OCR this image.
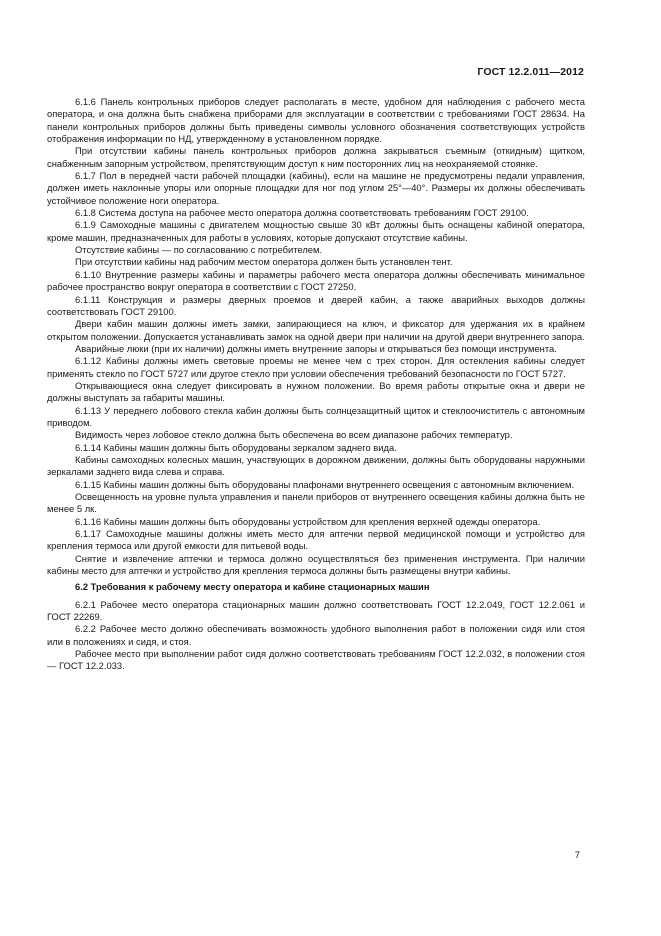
ГОСТ 12.2.011—2012

6.1.6 Панель контрольных приборов следует располагать в месте, удобном для наблюдения с рабочего места оператора, и она должна быть снабжена приборами для эксплуатации в соответствии с требованиями ГОСТ 28634. На панели контрольных приборов должны быть приведены символы условного обозначения соответствующих устройств отображения информации по НД, утвержденному в установленном порядке.

При отсутствии кабины панель контрольных приборов должна закрываться съемным (откидным) щитком, снабженным запорным устройством, препятствующим доступ к ним посторонних лиц на неохраняемой стоянке.

6.1.7 Пол в передней части рабочей площадки (кабины), если на машине не предусмотрены педали управления, должен иметь наклонные упоры или опорные площадки для ног под углом 25°—40°. Размеры их должны обеспечивать устойчивое положение ноги оператора.

6.1.8 Система доступа на рабочее место оператора должна соответствовать требованиям ГОСТ 29100.

6.1.9 Самоходные машины с двигателем мощностью свыше 30 кВт должны быть оснащены кабиной оператора, кроме машин, предназначенных для работы в условиях, которые допускают отсутствие кабины.

Отсутствие кабины — по согласованию с потребителем.

При отсутствии кабины над рабочим местом оператора должен быть установлен тент.

6.1.10 Внутренние размеры кабины и параметры рабочего места оператора должны обеспечивать минимальное рабочее пространство вокруг оператора в соответствии с ГОСТ 27250.

6.1.11 Конструкция и размеры дверных проемов и дверей кабин, а также аварийных выходов должны соответствовать ГОСТ 29100.

Двери кабин машин должны иметь замки, запирающиеся на ключ, и фиксатор для удержания их в крайнем открытом положении. Допускается устанавливать замок на одной двери при наличии на другой двери внутреннего запора.

Аварийные люки (при их наличии) должны иметь внутренние запоры и открываться без помощи инструмента.

6.1.12 Кабины должны иметь световые проемы не менее чем с трех сторон. Для остекления кабины следует применять стекло по ГОСТ 5727 или другое стекло при условии обеспечения требований безопасности по ГОСТ 5727.

Открывающиеся окна следует фиксировать в нужном положении. Во время работы открытые окна и двери не должны выступать за габариты машины.

6.1.13 У переднего лобового стекла кабин должны быть солнцезащитный щиток и стеклоочиститель с автономным приводом.

Видимость через лобовое стекло должна быть обеспечена во всем диапазоне рабочих температур.

6.1.14 Кабины машин должны быть оборудованы зеркалом заднего вида.

Кабины самоходных колесных машин, участвующих в дорожном движении, должны быть оборудованы наружными зеркалами заднего вида слева и справа.

6.1.15 Кабины машин должны быть оборудованы плафонами внутреннего освещения с автономным включением.

Освещенность на уровне пульта управления и панели приборов от внутреннего освещения кабины должна быть не менее 5 лк.

6.1.16 Кабины машин должны быть оборудованы устройством для крепления верхней одежды оператора.

6.1.17 Самоходные машины должны иметь место для аптечки первой медицинской помощи и устройство для крепления термоса или другой емкости для питьевой воды.

Снятие и извлечение аптечки и термоса должно осуществляться без применения инструмента. При наличии кабины место для аптечки и устройство для крепления термоса должны быть размещены внутри кабины.

6.2 Требования к рабочему месту оператора и кабине стационарных машин

6.2.1 Рабочее место оператора стационарных машин должно соответствовать ГОСТ 12.2.049, ГОСТ 12.2.061 и ГОСТ 22269.

6.2.2 Рабочее место должно обеспечивать возможность удобного выполнения работ в положении сидя или стоя или в положениях и сидя, и стоя.

Рабочее место при выполнении работ сидя должно соответствовать требованиям ГОСТ 12.2.032, в положении стоя — ГОСТ 12.2.033.

7
